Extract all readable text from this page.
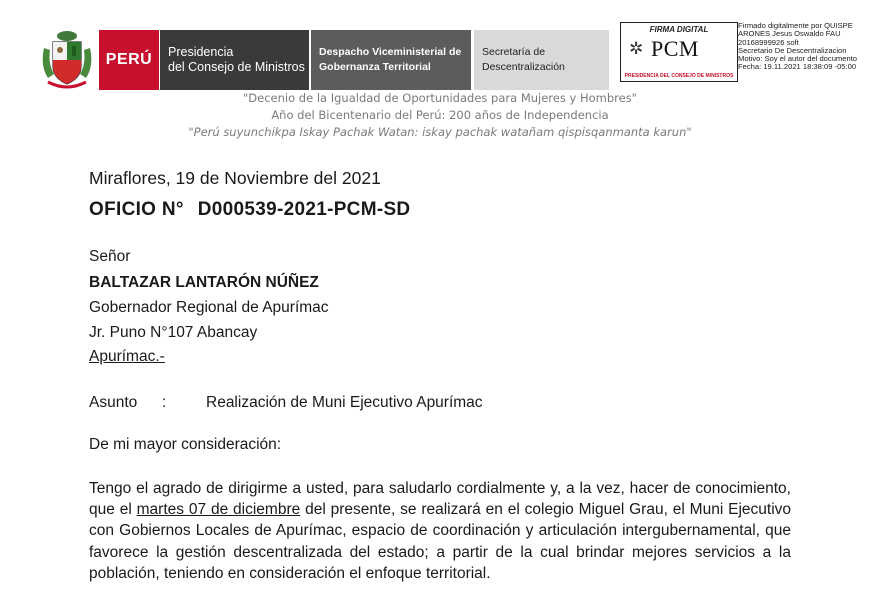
PERÚ	Presidencia
del Consejo de Ministros
Despacho Viceministerial de
Gobernanza Territorial
Secretaría de
Descentralización
FIRMA DIGITAL
✲ PCM
PRESIDENCIA DEL CONSEJO DE MINISTROS
Firmado digitalmente por QUISPE
ARONES Jesus Oswaldo FAU
20168999926 soft
Secretario De Descentralizacion
Motivo: Soy el autor del documento
Fecha: 19.11.2021 18:38:09 -05:00
"Decenio de la Igualdad de Oportunidades para Mujeres y Hombres"
Año del Bicentenario del Perú: 200 años de Independencia
"Perú suyunchikpa Iskay Pachak Watan: iskay pachak watañam qispisqanmanta karun"
Miraflores, 19 de Noviembre del 2021
OFICIO N° D000539-2021-PCM-SD
Señor
BALTAZAR LANTARÓN NÚÑEZ
Gobernador Regional de Apurímac
Jr. Puno N°107 Abancay
Apurímac.-
Asunto :	Realización de Muni Ejecutivo Apurímac
De mi mayor consideración:
Tengo el agrado de dirigirme a usted, para saludarlo cordialmente y, a la vez, hacer de conocimiento, que el martes 07 de diciembre del presente, se realizará en el colegio Miguel Grau, el Muni Ejecutivo con Gobiernos Locales de Apurímac, espacio de coordinación y articulación intergubernamental, que favorece la gestión descentralizada del estado; a partir de la cual brindar mejores servicios a la población, teniendo en consideración el enfoque territorial.
